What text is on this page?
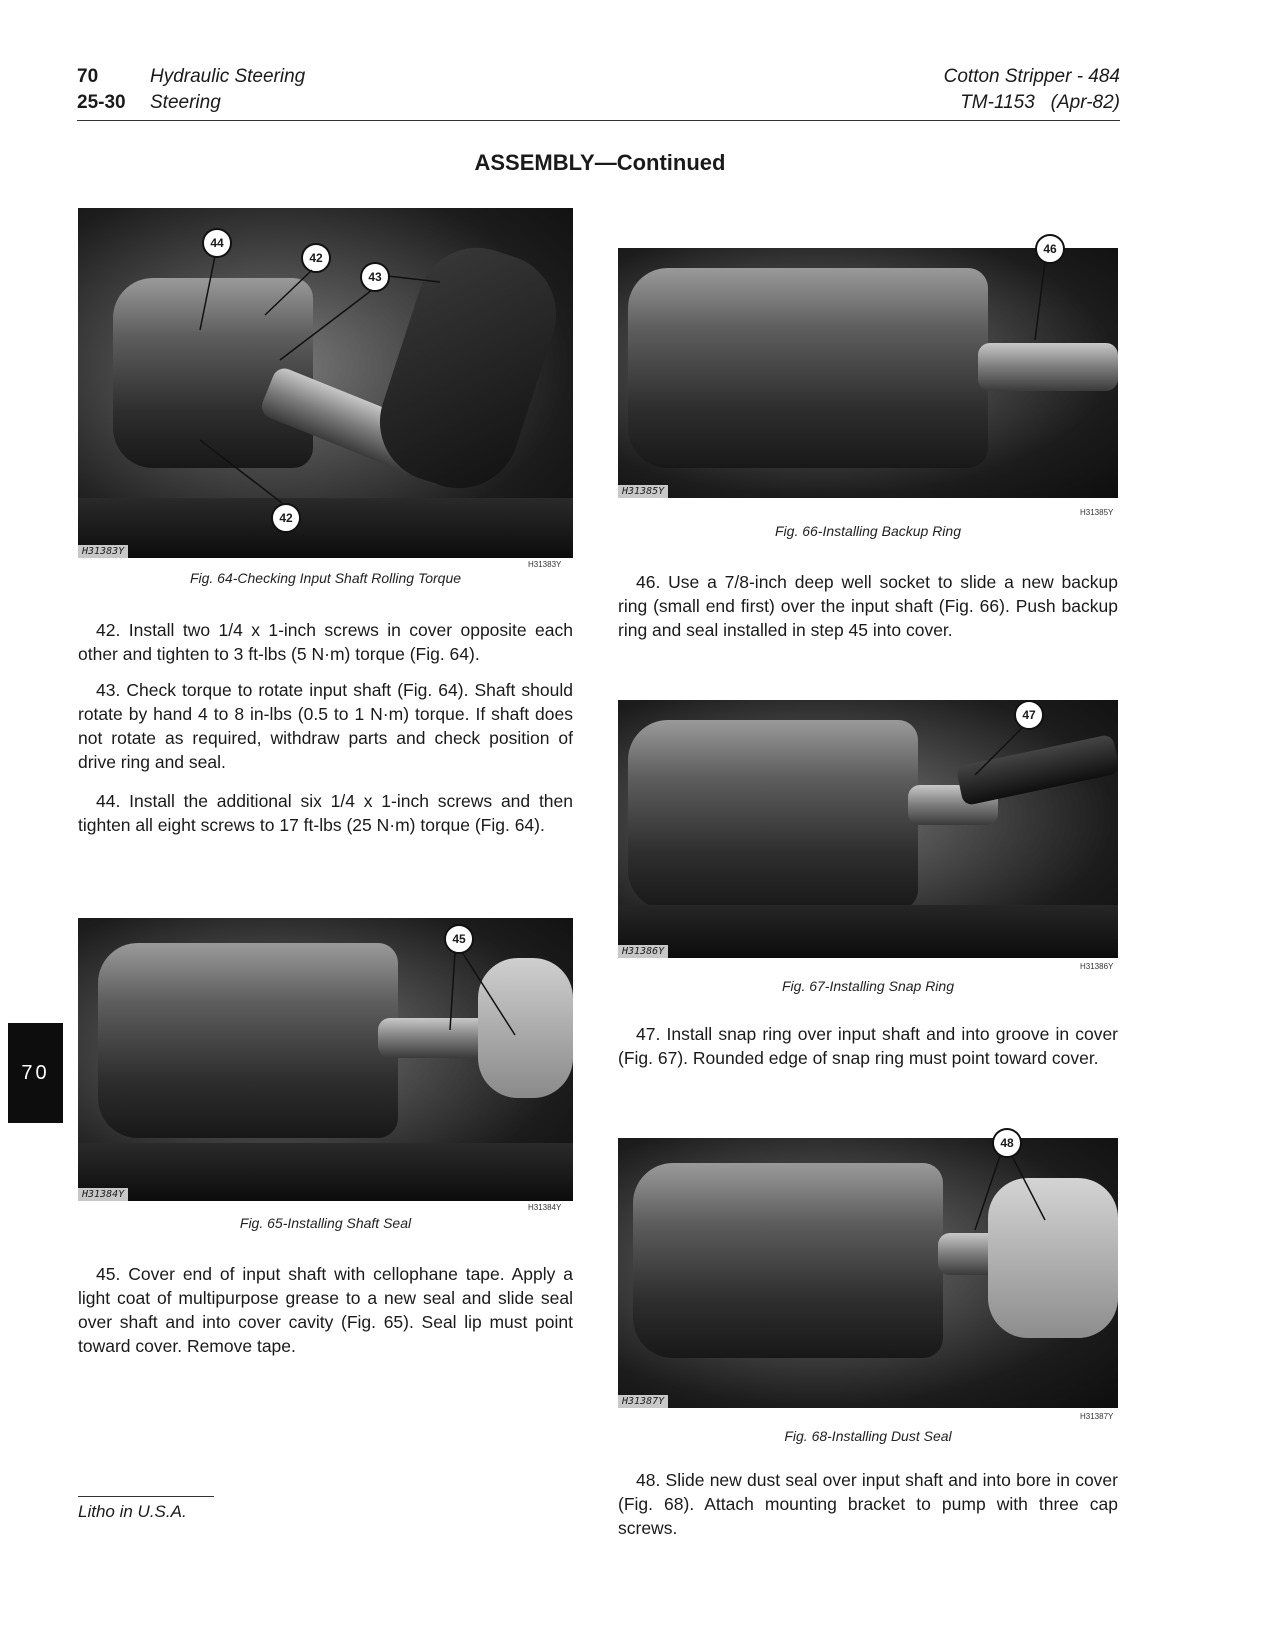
70	Hydraulic Steering
25-30 Steering
Cotton Stripper - 484
TM-1153   (Apr-82)
ASSEMBLY—Continued
H31383Y
44
42
43
42
H31383Y
Fig. 64-Checking Input Shaft Rolling Torque
42. Install two 1/4 x 1-inch screws in cover opposite each other and tighten to 3 ft-lbs (5 N·m) torque (Fig. 64).
43. Check torque to rotate input shaft (Fig. 64). Shaft should rotate by hand 4 to 8 in-lbs (0.5 to 1 N·m) torque. If shaft does not rotate as required, withdraw parts and check position of drive ring and seal.
44. Install the additional six 1/4 x 1-inch screws and then tighten all eight screws to 17 ft-lbs (25 N·m) torque (Fig. 64).
H31384Y
45
H31384Y
Fig. 65-Installing Shaft Seal
45. Cover end of input shaft with cellophane tape. Apply a light coat of multipurpose grease to a new seal and slide seal over shaft and into cover cavity (Fig. 65). Seal lip must point toward cover. Remove tape.
H31385Y
46
H31385Y
Fig. 66-Installing Backup Ring
46. Use a 7/8-inch deep well socket to slide a new backup ring (small end first) over the input shaft (Fig. 66). Push backup ring and seal installed in step 45 into cover.
H31386Y
47
H31386Y
Fig. 67-Installing Snap Ring
47. Install snap ring over input shaft and into groove in cover (Fig. 67). Rounded edge of snap ring must point toward cover.
H31387Y
48
H31387Y
Fig. 68-Installing Dust Seal
48. Slide new dust seal over input shaft and into bore in cover (Fig. 68). Attach mounting bracket to pump with three cap screws.
70
Litho in U.S.A.
